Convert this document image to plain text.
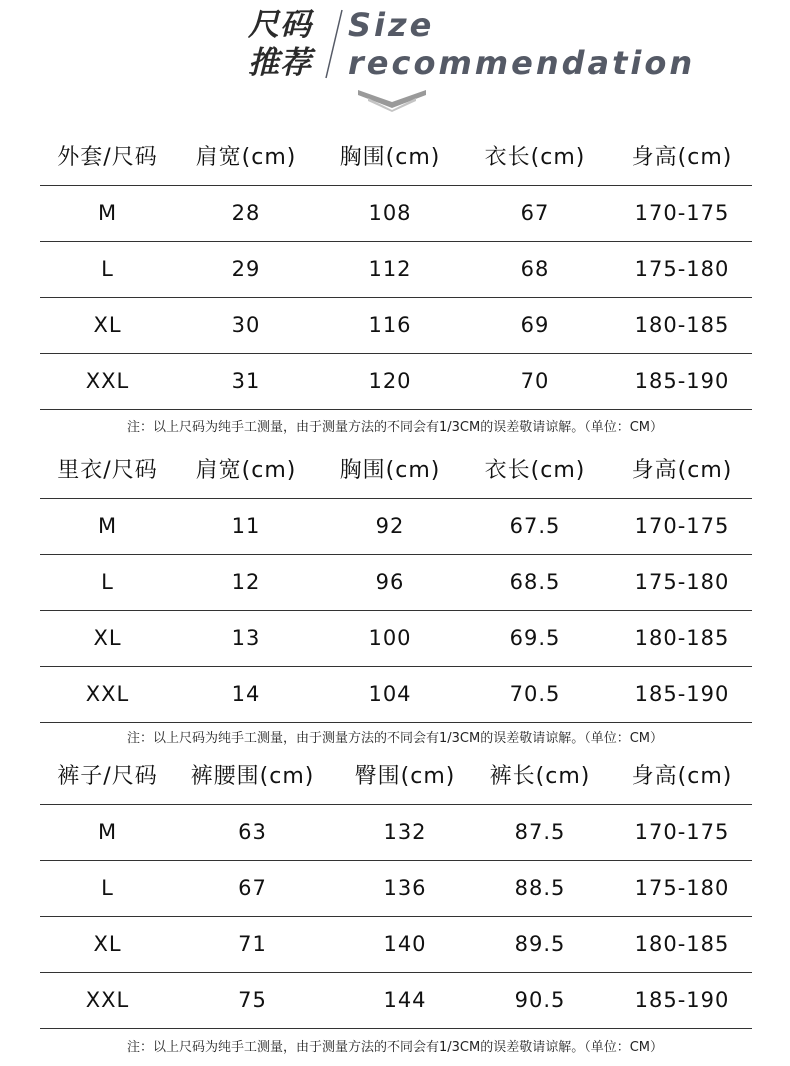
尺码
推荐
Size
recommendation
外套/尺码	肩宽(cm)	胸围(cm)	衣长(cm)	身高(cm)
M	28	108	67	170-175
L	29	112	68	175-180
XL	30	116	69	180-185
XXL	31	120	70	185-190
注：以上尺码为纯手工测量，由于测量方法的不同会有1/3CM的误差敬请谅解。（单位：CM）
里衣/尺码	肩宽(cm)	胸围(cm)	衣长(cm)	身高(cm)
M	11	92	67.5	170-175
L	12	96	68.5	175-180
XL	13	100	69.5	180-185
XXL	14	104	70.5	185-190
注：以上尺码为纯手工测量，由于测量方法的不同会有1/3CM的误差敬请谅解。（单位：CM）
裤子/尺码	裤腰围(cm)	臀围(cm)	裤长(cm)	身高(cm)
M	63	132	87.5	170-175
L	67	136	88.5	175-180
XL	71	140	89.5	180-185
XXL	75	144	90.5	185-190
注：以上尺码为纯手工测量，由于测量方法的不同会有1/3CM的误差敬请谅解。（单位：CM）
